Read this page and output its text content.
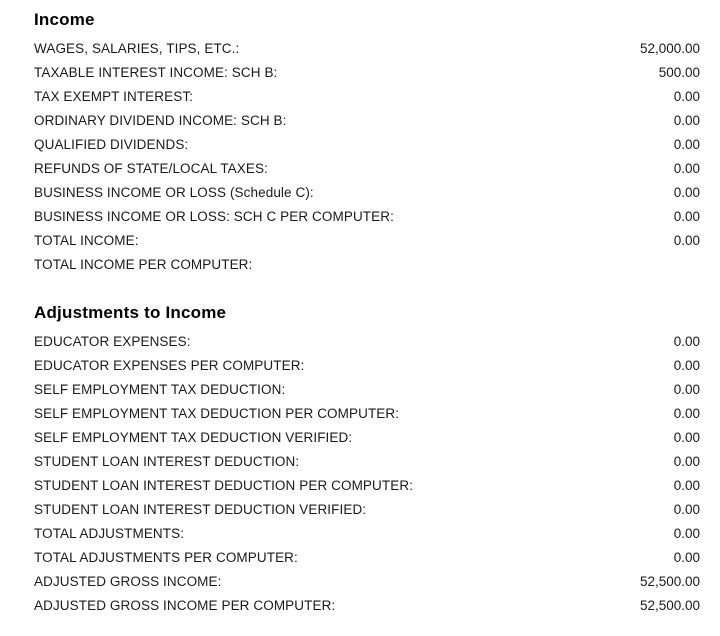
Income
WAGES, SALARIES, TIPS, ETC.:	52,000.00
TAXABLE INTEREST INCOME: SCH B:	500.00
TAX EXEMPT INTEREST:	0.00
ORDINARY DIVIDEND INCOME: SCH B:	0.00
QUALIFIED DIVIDENDS:	0.00
REFUNDS OF STATE/LOCAL TAXES:	0.00
BUSINESS INCOME OR LOSS (Schedule C):	0.00
BUSINESS INCOME OR LOSS: SCH C PER COMPUTER:	0.00
TOTAL INCOME:	0.00
TOTAL INCOME PER COMPUTER:
Adjustments to Income
EDUCATOR EXPENSES:	0.00
EDUCATOR EXPENSES PER COMPUTER:	0.00
SELF EMPLOYMENT TAX DEDUCTION:	0.00
SELF EMPLOYMENT TAX DEDUCTION PER COMPUTER:	0.00
SELF EMPLOYMENT TAX DEDUCTION VERIFIED:	0.00
STUDENT LOAN INTEREST DEDUCTION:	0.00
STUDENT LOAN INTEREST DEDUCTION PER COMPUTER:	0.00
STUDENT LOAN INTEREST DEDUCTION VERIFIED:	0.00
TOTAL ADJUSTMENTS:	0.00
TOTAL ADJUSTMENTS PER COMPUTER:	0.00
ADJUSTED GROSS INCOME:	52,500.00
ADJUSTED GROSS INCOME PER COMPUTER:	52,500.00
